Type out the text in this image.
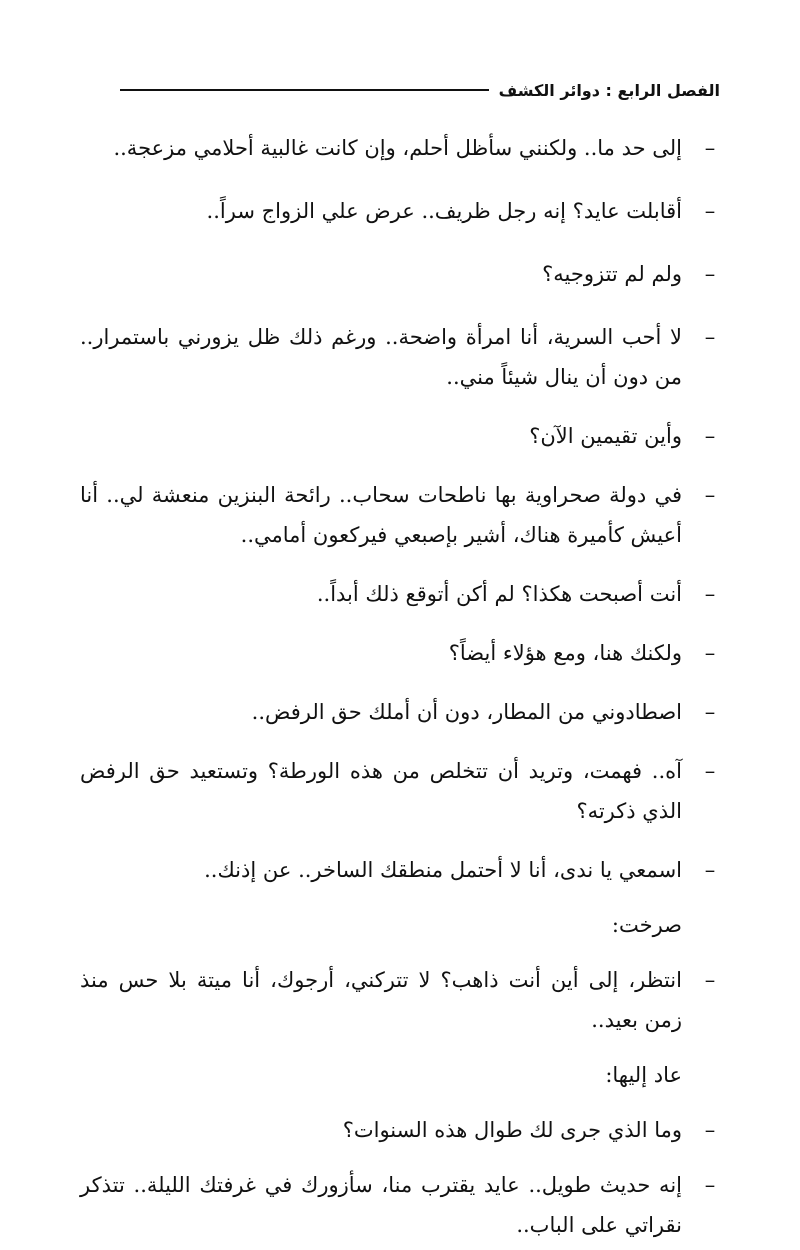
الفصل الرابع : دوائر الكشف
–
إلى حد ما.. ولكنني سأظل أحلم، وإن كانت غالبية أحلامي مزعجة..
–
أقابلت عايد؟ إنه رجل ظريف.. عرض علي الزواج سراً..
–
ولم لم تتزوجيه؟
–
لا أحب السرية، أنا امرأة واضحة.. ورغم ذلك ظل يزورني باستمرار.. من دون أن ينال شيئاً مني..
–
وأين تقيمين الآن؟
–
في دولة صحراوية بها ناطحات سحاب.. رائحة البنزين منعشة لي.. أنا أعيش كأميرة هناك، أشير بإصبعي فيركعون أمامي..
–
أنت أصبحت هكذا؟ لم أكن أتوقع ذلك أبداً..
–
ولكنك هنا، ومع هؤلاء أيضاً؟
–
اصطادوني من المطار، دون أن أملك حق الرفض..
–
آه.. فهمت، وتريد أن تتخلص من هذه الورطة؟ وتستعيد حق الرفض الذي ذكرته؟
–
اسمعي يا ندى، أنا لا أحتمل منطقك الساخر.. عن إذنك..
صرخت:
–
انتظر، إلى أين أنت ذاهب؟ لا تتركني، أرجوك، أنا ميتة بلا حس منذ زمن بعيد..
عاد إليها:
–
وما الذي جرى لك طوال هذه السنوات؟
–
إنه حديث طويل.. عايد يقترب منا، سأزورك في غرفتك الليلة.. تتذكر نقراتي على الباب..
